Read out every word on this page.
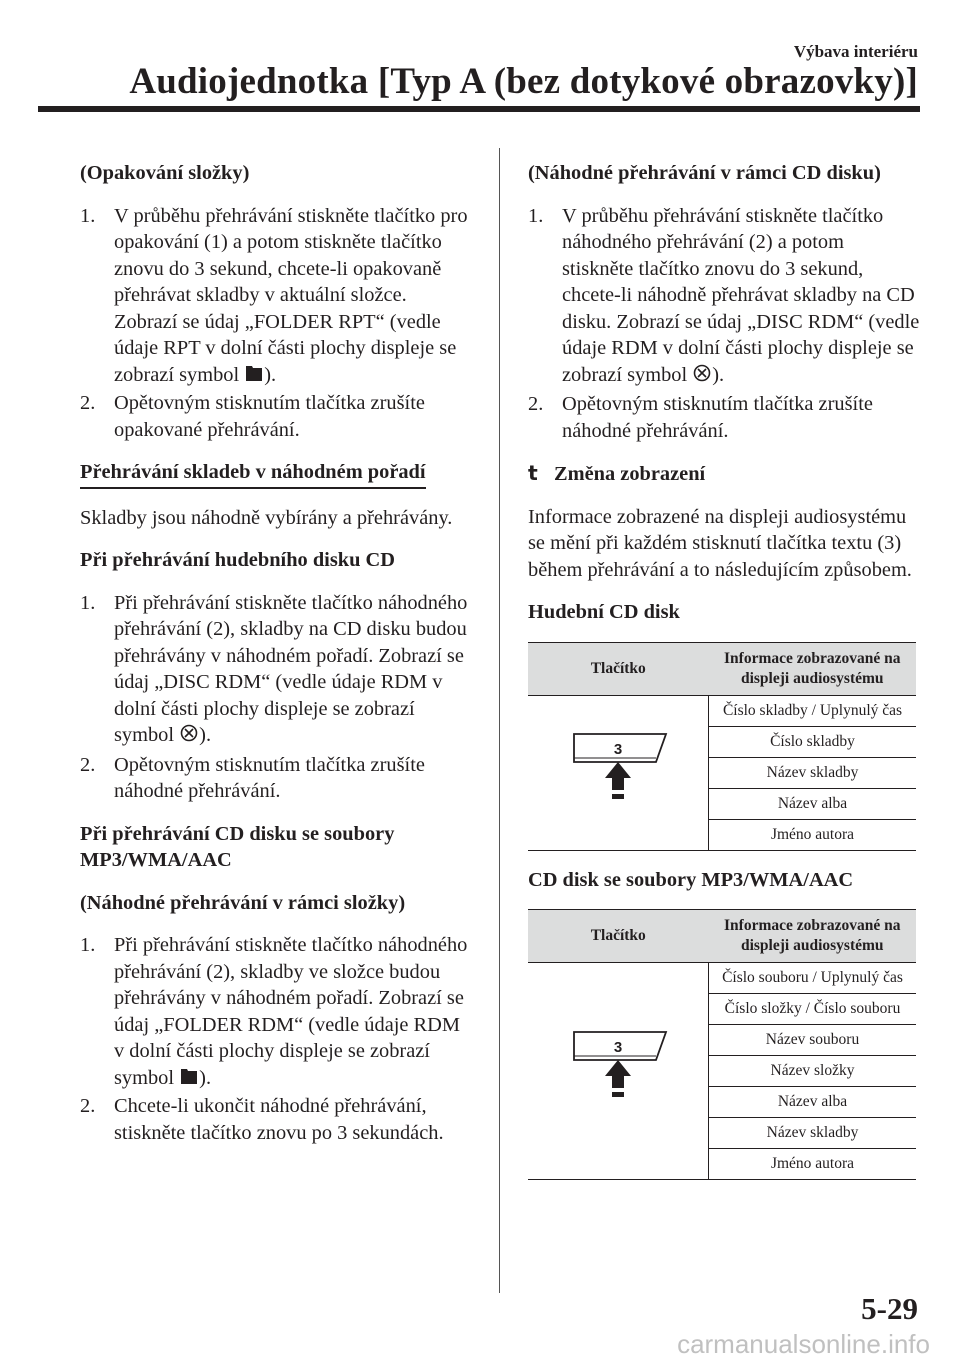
Výbava interiéru
Audiojednotka [Typ A (bez dotykové obrazovky)]

(Opakování složky)

1. V průběhu přehrávání stiskněte tlačítko pro opakování (1) a potom stiskněte tlačítko znovu do 3 sekund, chcete-li opakovaně přehrávat skladby v aktuální složce. Zobrazí se údaj „FOLDER RPT“ (vedle údaje RPT v dolní části plochy displeje se zobrazí symbol ).
2. Opětovným stisknutím tlačítka zrušíte opakované přehrávání.

Přehrávání skladeb v náhodném pořadí

Skladby jsou náhodně vybírány a přehrávány.

Při přehrávání hudebního disku CD

1. Při přehrávání stiskněte tlačítko náhodného přehrávání (2), skladby na CD disku budou přehrávány v náhodném pořadí. Zobrazí se údaj „DISC RDM“ (vedle údaje RDM v dolní části plochy displeje se zobrazí symbol ).
2. Opětovným stisknutím tlačítka zrušíte náhodné přehrávání.

Při přehrávání CD disku se soubory MP3/WMA/AAC

(Náhodné přehrávání v rámci složky)

1. Při přehrávání stiskněte tlačítko náhodného přehrávání (2), skladby ve složce budou přehrávány v náhodném pořadí. Zobrazí se údaj „FOLDER RDM“ (vedle údaje RDM v dolní části plochy displeje se zobrazí symbol ).
2. Chcete-li ukončit náhodné přehrávání, stiskněte tlačítko znovu po 3 sekundách.

(Náhodné přehrávání v rámci CD disku)

1. V průběhu přehrávání stiskněte tlačítko náhodného přehrávání (2) a potom stiskněte tlačítko znovu do 3 sekund, chcete-li náhodně přehrávat skladby na CD disku. Zobrazí se údaj „DISC RDM“ (vedle údaje RDM v dolní části plochy displeje se zobrazí symbol ).
2. Opětovným stisknutím tlačítka zrušíte náhodné přehrávání.

t Změna zobrazení

Informace zobrazené na displeji audiosystému se mění při každém stisknutí tlačítka textu (3) během přehrávání a to následujícím způsobem.

Hudební CD disk

Tlačítko	Informace zobrazované na displeji audiosystému

3	Číslo skladby / Uplynulý čas
	Číslo skladby
	Název skladby
	Název alba
	Jméno autora

CD disk se soubory MP3/WMA/AAC

Tlačítko	Informace zobrazované na displeji audiosystému

3	Číslo souboru / Uplynulý čas
	Číslo složky / Číslo souboru
	Název souboru
	Název složky
	Název alba
	Název skladby
	Jméno autora
5-29
carmanualsonline.info
